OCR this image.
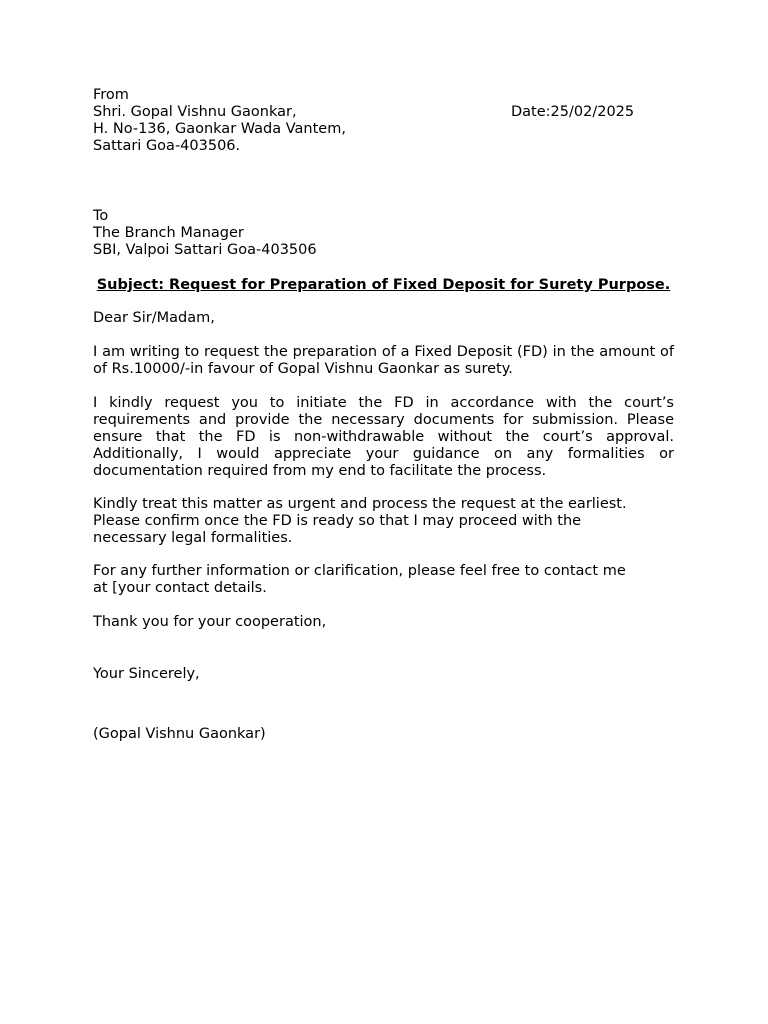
From
Shri. Gopal Vishnu Gaonkar,	Date:25/02/2025
H. No-136, Gaonkar Wada Vantem,
Sattari Goa-403506.
To
The Branch Manager
SBI, Valpoi Sattari Goa-403506

Subject: Request for Preparation of Fixed Deposit for Surety Purpose.

Dear Sir/Madam,

I am writing to request the preparation of a Fixed Deposit (FD) in the amount of of Rs.10000/-in favour of Gopal Vishnu Gaonkar as surety.

I kindly request you to initiate the FD in accordance with the court’s requirements and provide the necessary documents for submission. Please ensure that the FD is non-withdrawable without the court’s approval. Additionally, I would appreciate your guidance on any formalities or documentation required from my end to facilitate the process.

Kindly treat this matter as urgent and process the request at the earliest.
Please confirm once the FD is ready so that I may proceed with the
necessary legal formalities.
For any further information or clarification, please feel free to contact me
at [your contact details.
Thank you for your cooperation,
Your Sincerely,
(Gopal Vishnu Gaonkar)
